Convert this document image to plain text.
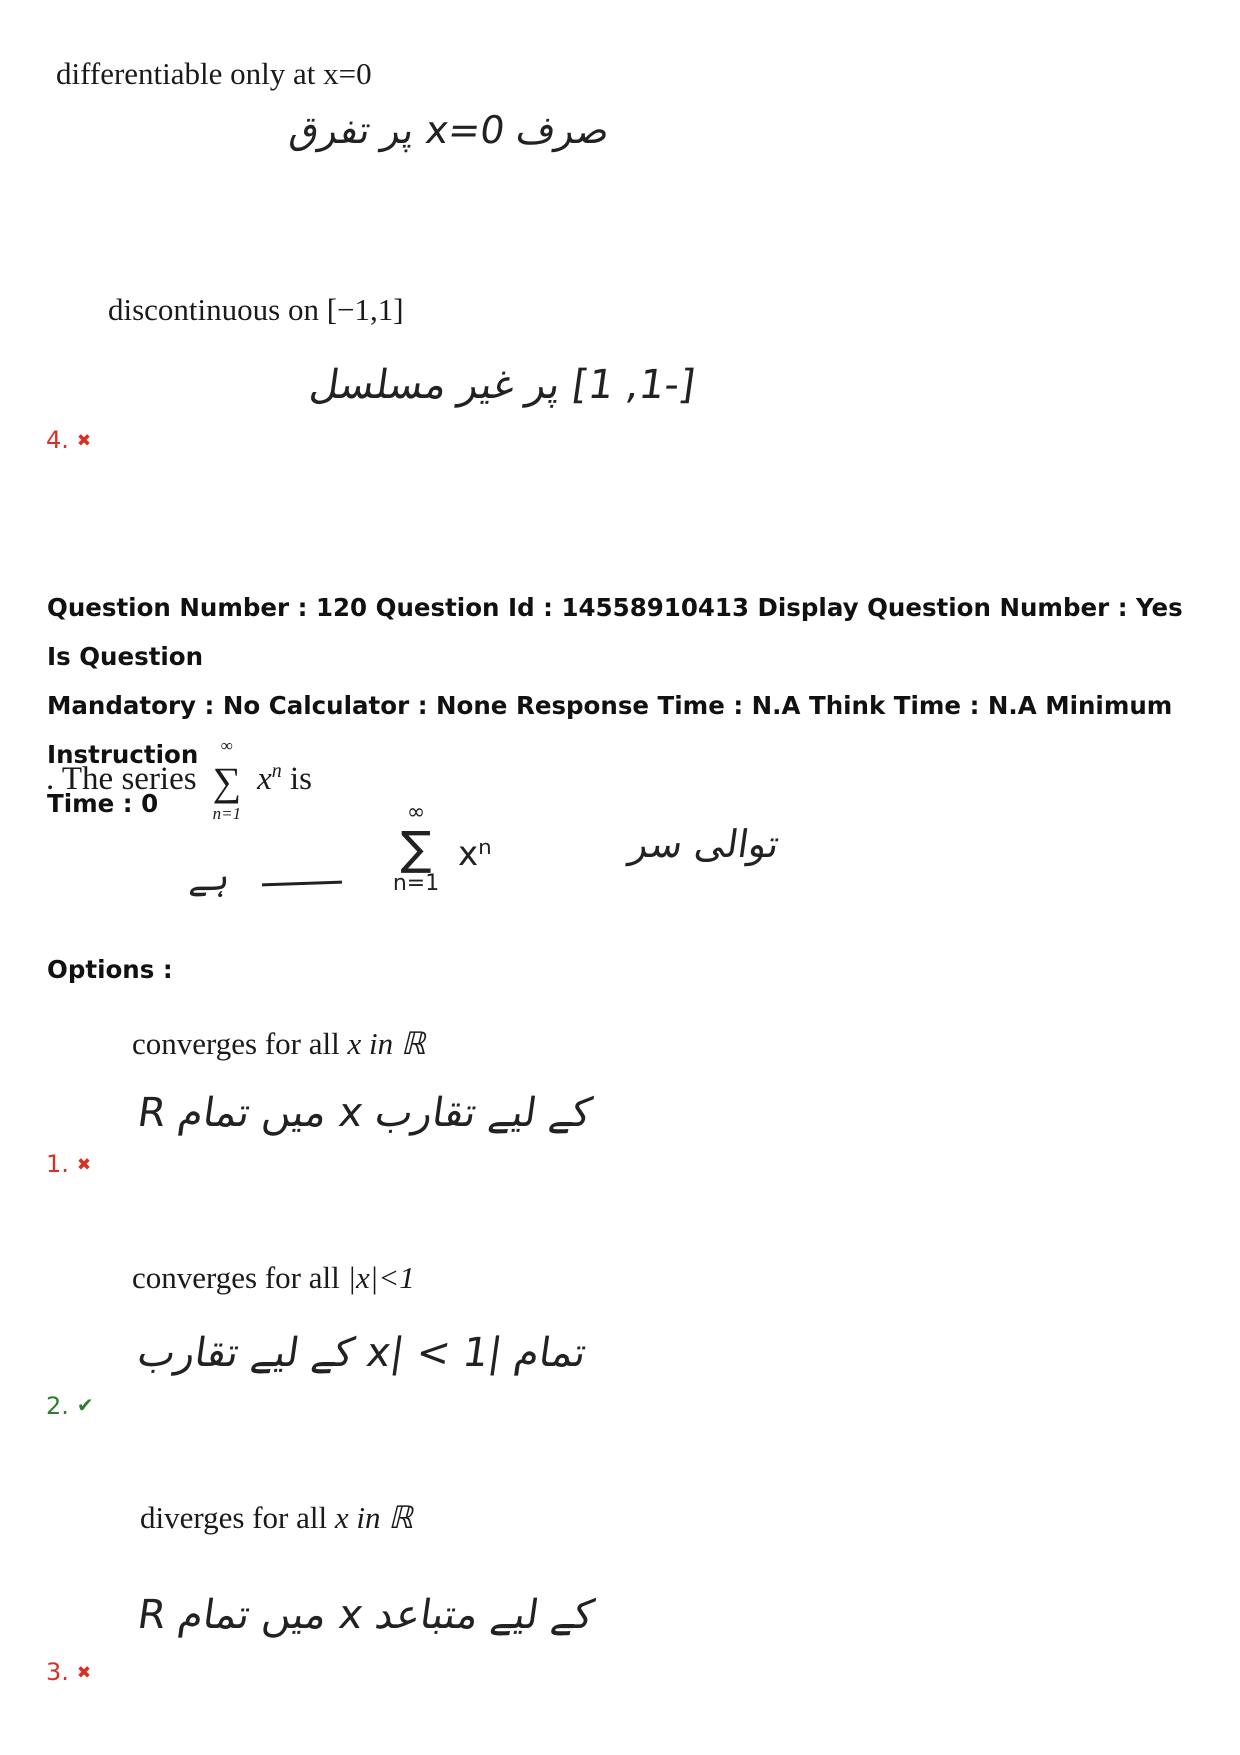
differentiable only at x=0
صرف x=0 پر تفرق
discontinuous on [−1,1]
[-1, 1] پر غیر مسلسل
4. ✖
Question Number : 120 Question Id : 14558910413 Display Question Number : Yes Is Question
Mandatory : No Calculator : None Response Time : N.A Think Time : N.A Minimum Instruction
Time : 0
. The series
∞
∑
n=1
$x^n$ is
ہے
∞
∑
n=1
xⁿ	توالی سر
Options :
converges for all x in ℝ
R میں تمام x کے لیے تقارب
1. ✖
converges for all |x|<1
تمام |x| < 1 کے لیے تقارب
2. ✔
diverges for all x in ℝ
R میں تمام x کے لیے متباعد
3. ✖
